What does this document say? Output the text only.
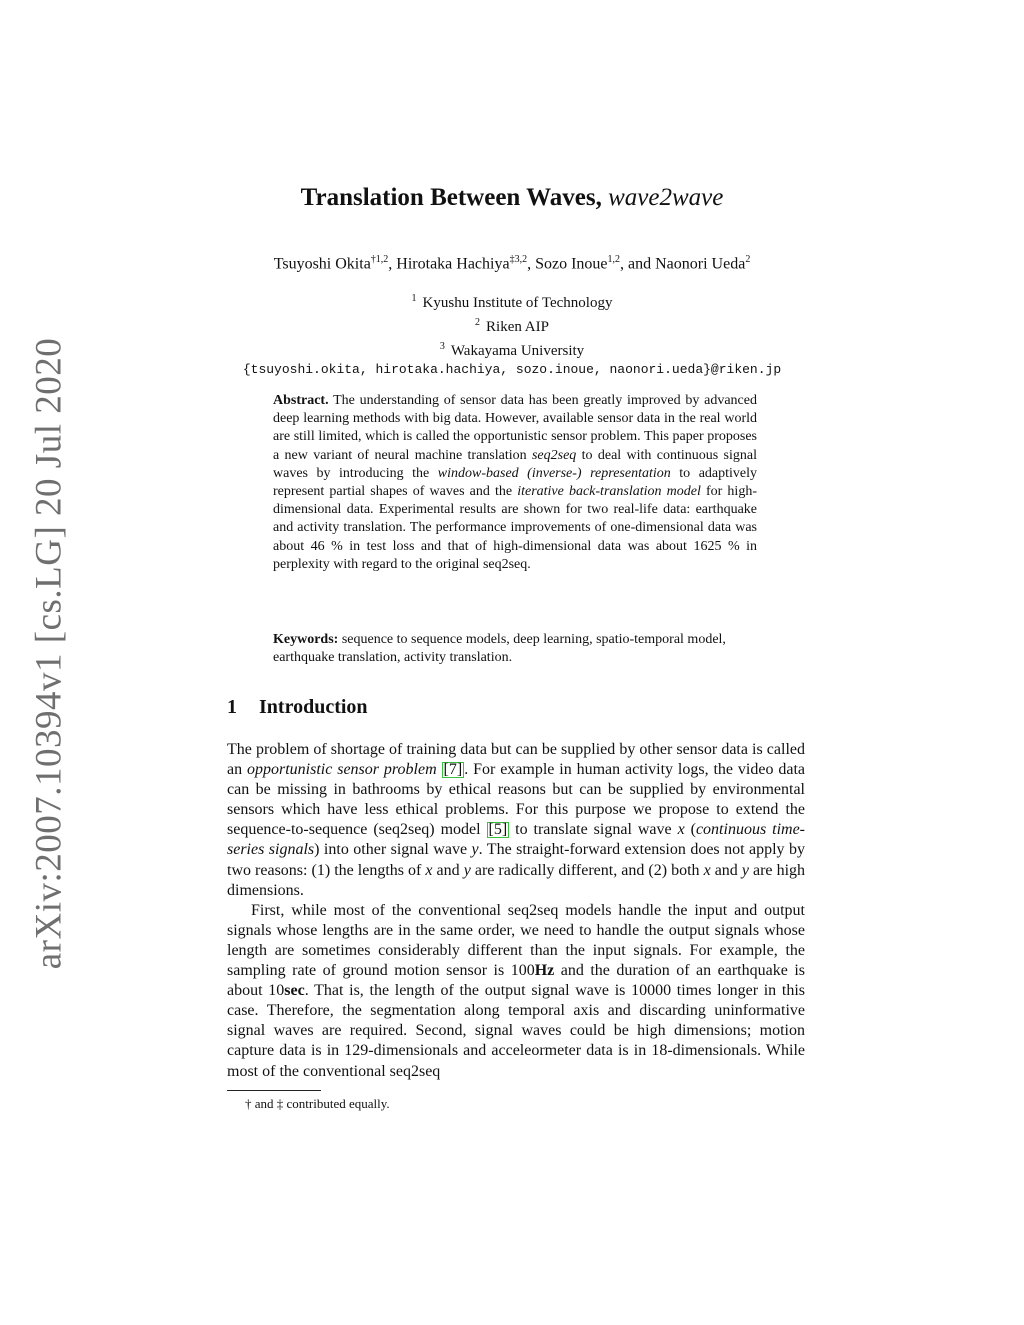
arXiv:2007.10394v1 [cs.LG] 20 Jul 2020
Translation Between Waves, wave2wave
Tsuyoshi Okita$^{\dagger 1,2}$, Hirotaka Hachiya$^{\ddagger 3,2}$, Sozo Inoue$^{1,2}$, and Naonori Ueda$^2$
$^1$ Kyushu Institute of Technology
$^2$ Riken AIP
$^3$ Wakayama University
{tsuyoshi.okita, hirotaka.hachiya, sozo.inoue, naonori.ueda}@riken.jp
Abstract. The understanding of sensor data has been greatly improved by advanced deep learning methods with big data. However, available sensor data in the real world are still limited, which is called the opportunistic sensor problem. This paper proposes a new variant of neural machine translation seq2seq to deal with continuous signal waves by introducing the window-based (inverse-) representation to adaptively represent partial shapes of waves and the iterative back-translation model for high-dimensional data. Experimental results are shown for two real-life data: earthquake and activity translation. The performance improvements of one-dimensional data was about 46 % in test loss and that of high-dimensional data was about 1625 % in perplexity with regard to the original seq2seq.
Keywords: sequence to sequence models, deep learning, spatio-temporal model, earthquake translation, activity translation.
1 Introduction

The problem of shortage of training data but can be supplied by other sensor data is called an opportunistic sensor problem [7] . For example in human activity logs, the video data can be missing in bathrooms by ethical reasons but can be supplied by environmental sensors which have less ethical problems. For this purpose we propose to extend the sequence-to-sequence (seq2seq) model [5] to translate signal wave x (continuous time-series signals) into other signal wave y. The straight-forward extension does not apply by two reasons: (1) the lengths of x and y are radically different, and (2) both x and y are high dimensions.

First, while most of the conventional seq2seq models handle the input and output signals whose lengths are in the same order, we need to handle the output signals whose length are sometimes considerably different than the input signals. For example, the sampling rate of ground motion sensor is 100Hz and the duration of an earthquake is about 10sec. That is, the length of the output signal wave is 10000 times longer in this case. Therefore, the segmentation along temporal axis and discarding uninformative signal waves are required. Second, signal waves could be high dimensions; motion capture data is in 129-dimensionals and acceleormeter data is in 18-dimensionals. While most of the conventional seq2seq

† and ‡ contributed equally.
